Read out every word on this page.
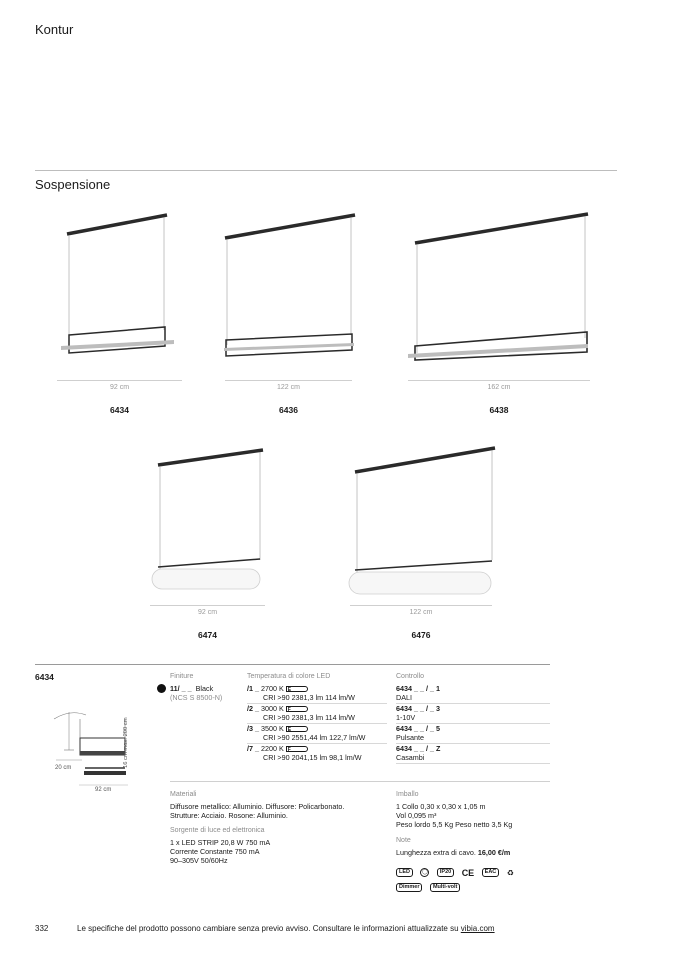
Kontur
Sospensione
92 cm	122 cm	162 cm
6434	6436	6438
92 cm	122 cm
6474	6476
6434
16 cm max. 200 cm
20 cm
92 cm
Finiture
11/ _ _ Black
(NCS S 8500-N)
Temperatura di colore LED
/1 _ 2700 K E
CRI >90 2381,3 lm 114 lm/W
/2 _ 3000 K F
CRI >90 2381,3 lm 114 lm/W
/3 _ 3500 K E
CRI >90 2551,44 lm 122,7 lm/W
/7 _ 2200 K F
CRI >90 2041,15 lm 98,1 lm/W
Controllo
6434 _ _ / _ 1
DALI
6434 _ _ / _ 3
1-10V
6434 _ _ / _ 5
Pulsante
6434 _ _ / _ Z
Casambi
Materiali
Diffusore metallico: Alluminio. Diffusore: Policarbonato.
Strutture: Acciaio. Rosone: Alluminio.
Sorgente di luce ed elettronica
1 x LED STRIP 20,8 W 750 mA
Corrente Constante 750 mA
90–305V 50/60Hz
Imballo
1 Collo 0,30 x 0,30 x 1,05 m
Vol 0,095 m³
Peso lordo 5,5 Kg Peso netto 3,5 Kg
Note
Lunghezza extra di cavo. 16,00 €/m
LED ◯ IP20 CE EAC ♻
Dimmer Multi-volt
332	Le specifiche del prodotto possono cambiare senza previo avviso. Consultare le informazioni attualizzate su vibia.com
